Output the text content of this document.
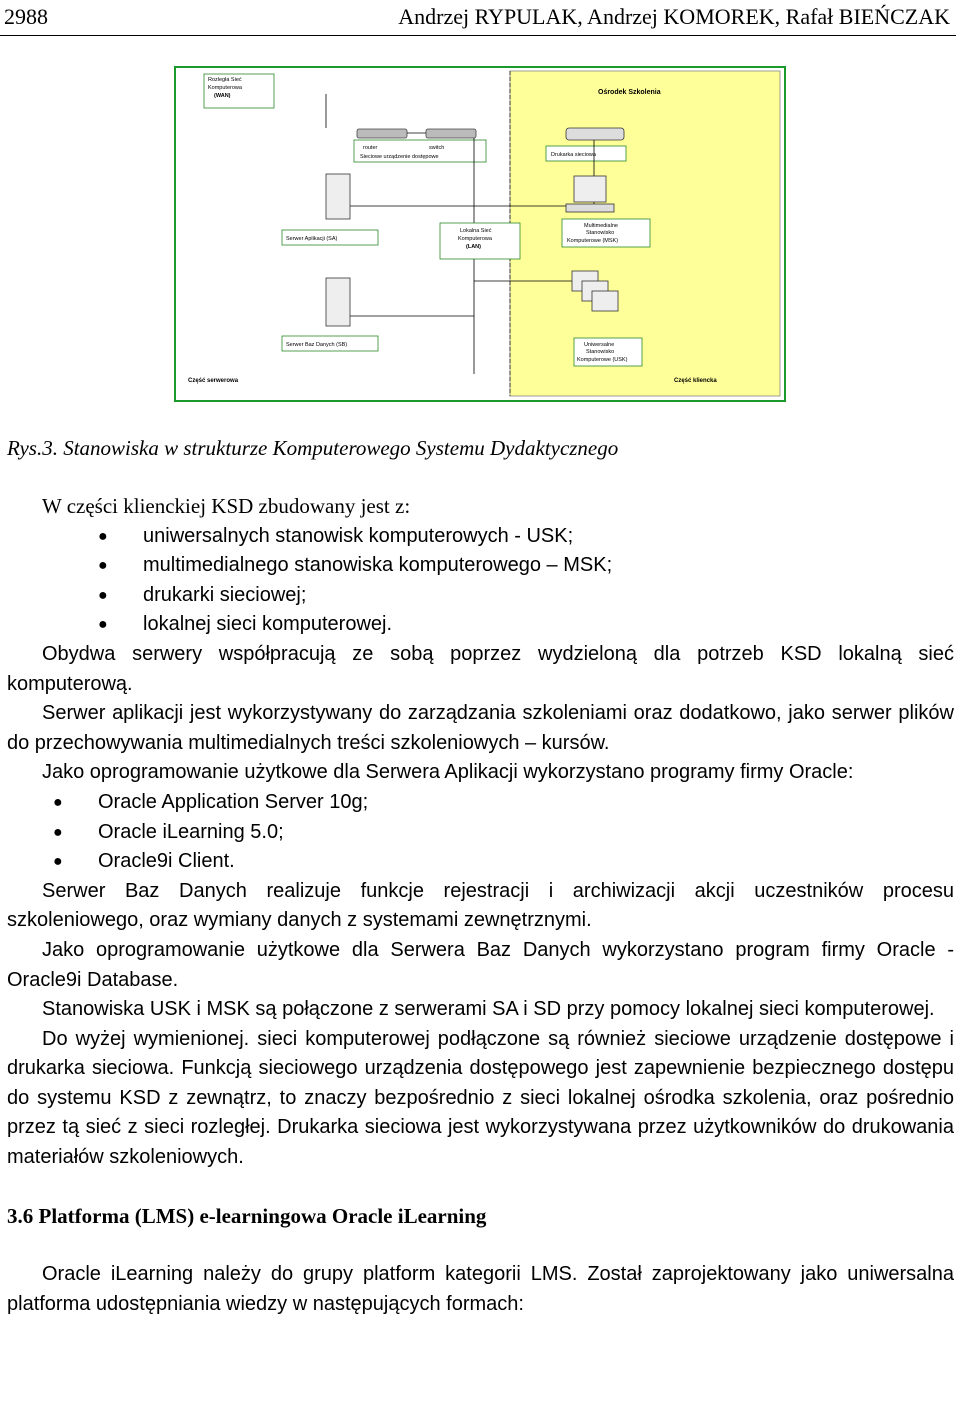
2988	Andrzej RYPULAK, Andrzej KOMOREK, Rafał BIEŃCZAK
Rozległa Sieć
Komputerowa
(WAN)	Ośrodek Szkolenia
router	switch
Sieciowe urządzenie dostępowe	Drukarka sieciowa
Serwer Aplikacji (SA)
Lokalna Sieć
Komputerowa
(LAN)
Multimedialne
Stanowisko
Komputerowe (MSK)
Serwer Baz Danych (SB)	Uniwersalne
Stanowisko
Komputerowe (USK)
Część serwerowa	Część kliencka
Rys.3. Stanowiska w strukturze Komputerowego Systemu Dydaktycznego

W części klienckiej KSD zbudowany jest z:

● uniwersalnych stanowisk komputerowych - USK;
● multimedialnego stanowiska komputerowego – MSK;
● drukarki sieciowej;
● lokalnej sieci komputerowej.

Obydwa serwery współpracują ze sobą poprzez wydzieloną dla potrzeb KSD lokalną sieć komputerową.

Serwer aplikacji jest wykorzystywany do zarządzania szkoleniami oraz dodatkowo, jako serwer plików do przechowywania multimedialnych treści szkoleniowych – kursów.

Jako oprogramowanie użytkowe dla Serwera Aplikacji wykorzystano programy firmy Oracle:

● Oracle Application Server 10g;
● Oracle iLearning 5.0;
● Oracle9i Client.

Serwer Baz Danych realizuje funkcje rejestracji i archiwizacji akcji uczestników procesu szkoleniowego, oraz wymiany danych z systemami zewnętrznymi.

Jako oprogramowanie użytkowe dla Serwera Baz Danych wykorzystano program firmy Oracle - Oracle9i Database.

Stanowiska USK i MSK są połączone z serwerami SA i SD przy pomocy lokalnej sieci komputerowej.

Do wyżej wymienionej. sieci komputerowej podłączone są również sieciowe urządzenie dostępowe i drukarka sieciowa. Funkcją sieciowego urządzenia dostępowego jest zapewnienie bezpiecznego dostępu do systemu KSD z zewnątrz, to znaczy bezpośrednio z sieci lokalnej ośrodka szkolenia, oraz pośrednio przez tą sieć z sieci rozległej. Drukarka sieciowa jest wykorzystywana przez użytkowników do drukowania materiałów szkoleniowych.

3.6 Platforma (LMS) e-learningowa Oracle iLearning

Oracle iLearning należy do grupy platform kategorii LMS. Został zaprojektowany jako uniwersalna platforma udostępniania wiedzy w następujących formach:
